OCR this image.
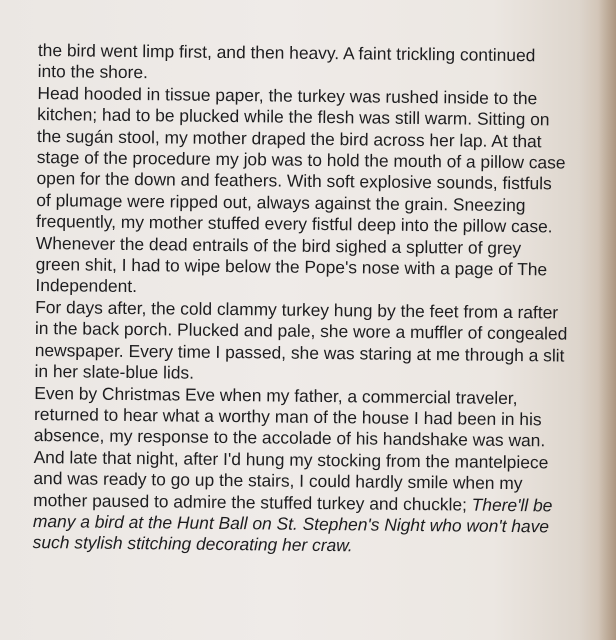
the bird went limp first, and then heavy. A faint trickling continued
into the shore.
Head hooded in tissue paper, the turkey was rushed inside to the
kitchen; had to be plucked while the flesh was still warm. Sitting on
the sugán stool, my mother draped the bird across her lap. At that
stage of the procedure my job was to hold the mouth of a pillow case
open for the down and feathers. With soft explosive sounds, fistfuls
of plumage were ripped out, always against the grain. Sneezing
frequently, my mother stuffed every fistful deep into the pillow case.
Whenever the dead entrails of the bird sighed a splutter of grey
green shit, I had to wipe below the Pope's nose with a page of The
Independent.
For days after, the cold clammy turkey hung by the feet from a rafter
in the back porch. Plucked and pale, she wore a muffler of congealed
newspaper. Every time I passed, she was staring at me through a slit
in her slate-blue lids.
Even by Christmas Eve when my father, a commercial traveler,
returned to hear what a worthy man of the house I had been in his
absence, my response to the accolade of his handshake was wan.
And late that night, after I'd hung my stocking from the mantelpiece
and was ready to go up the stairs, I could hardly smile when my
mother paused to admire the stuffed turkey and chuckle; There'll be
many a bird at the Hunt Ball on St. Stephen's Night who won't have
such stylish stitching decorating her craw.
